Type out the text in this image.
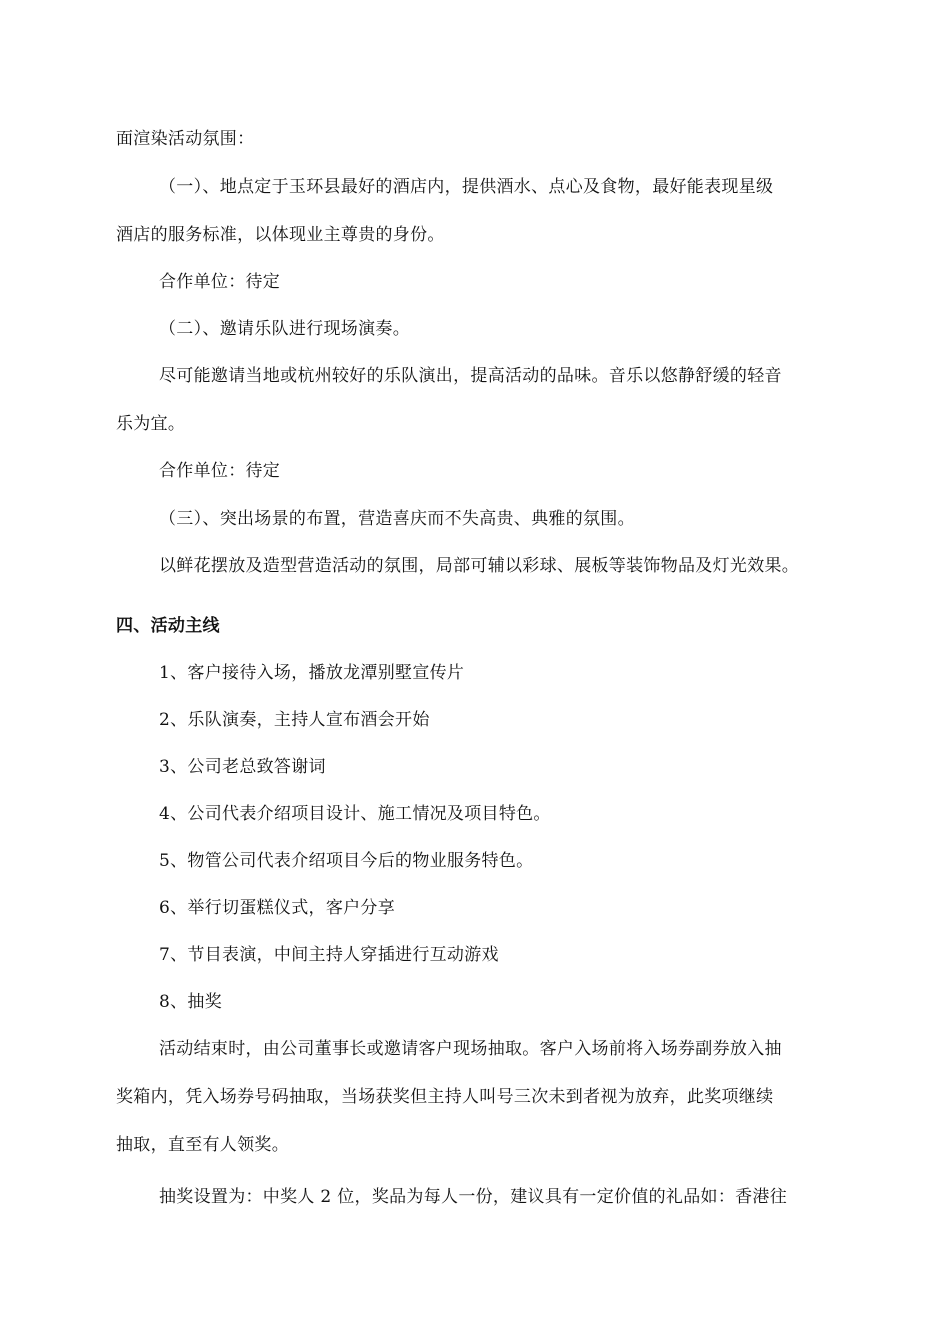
面渲染活动氛围：
（一）、地点定于玉环县最好的酒店内，提供酒水、点心及食物，最好能表现星级
酒店的服务标准，以体现业主尊贵的身份。
合作单位：待定
（二）、邀请乐队进行现场演奏。
尽可能邀请当地或杭州较好的乐队演出，提高活动的品味。音乐以悠静舒缓的轻音
乐为宜。
合作单位：待定
（三）、突出场景的布置，营造喜庆而不失高贵、典雅的氛围。
以鲜花摆放及造型营造活动的氛围，局部可辅以彩球、展板等装饰物品及灯光效果。
四、活动主线
1、客户接待入场，播放龙潭别墅宣传片
2、乐队演奏，主持人宣布酒会开始
3、公司老总致答谢词
4、公司代表介绍项目设计、施工情况及项目特色。
5、物管公司代表介绍项目今后的物业服务特色。
6、举行切蛋糕仪式，客户分享
7、节目表演，中间主持人穿插进行互动游戏
8、抽奖
活动结束时，由公司董事长或邀请客户现场抽取。客户入场前将入场券副券放入抽
奖箱内，凭入场券号码抽取，当场获奖但主持人叫号三次未到者视为放弃，此奖项继续
抽取，直至有人领奖。
抽奖设置为：中奖人 2 位，奖品为每人一份，建议具有一定价值的礼品如：香港往
